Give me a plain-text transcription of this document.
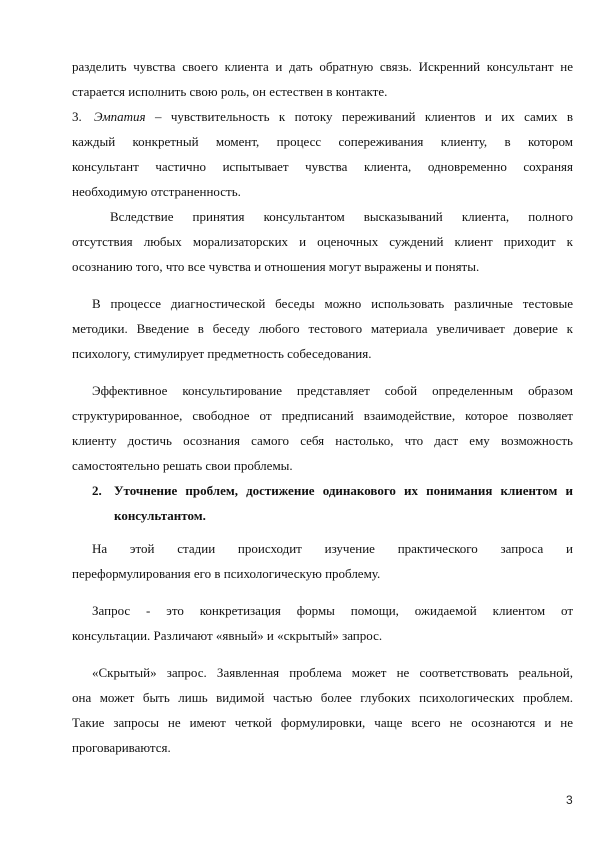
разделить чувства своего клиента и дать обратную связь. Искренний консультант не

старается исполнить свою роль, он естествен в контакте.

3. Эмпатия – чувствительность к потоку переживаний клиентов и их самих в

каждый конкретный момент, процесс сопереживания клиенту, в котором

консультант частично испытывает чувства клиента, одновременно сохраняя

необходимую отстраненность.

Вследствие принятия консультантом высказываний клиента, полного

отсутствия любых морализаторских и оценочных суждений клиент приходит к

осознанию того, что все чувства и отношения могут выражены и поняты.

В процессе диагностической беседы можно использовать различные тестовые

методики. Введение в беседу любого тестового материала увеличивает доверие к

психологу, стимулирует предметность собеседования.

Эффективное консультирование представляет собой определенным образом

структурированное, свободное от предписаний взаимодействие, которое позволяет

клиенту достичь осознания самого себя настолько, что даст ему возможность

самостоятельно решать свои проблемы.

2. Уточнение проблем, достижение одинакового их понимания клиентом и

консультантом.

На этой стадии происходит изучение практического запроса и

переформулирования его в психологическую проблему.

Запрос - это конкретизация формы помощи, ожидаемой клиентом от

консультации. Различают «явный» и «скрытый» запрос.

«Скрытый» запрос. Заявленная проблема может не соответствовать реальной,

она может быть лишь видимой частью более глубоких психологических проблем.

Такие запросы не имеют четкой формулировки, чаще всего не осознаются и не

проговариваются.

3
